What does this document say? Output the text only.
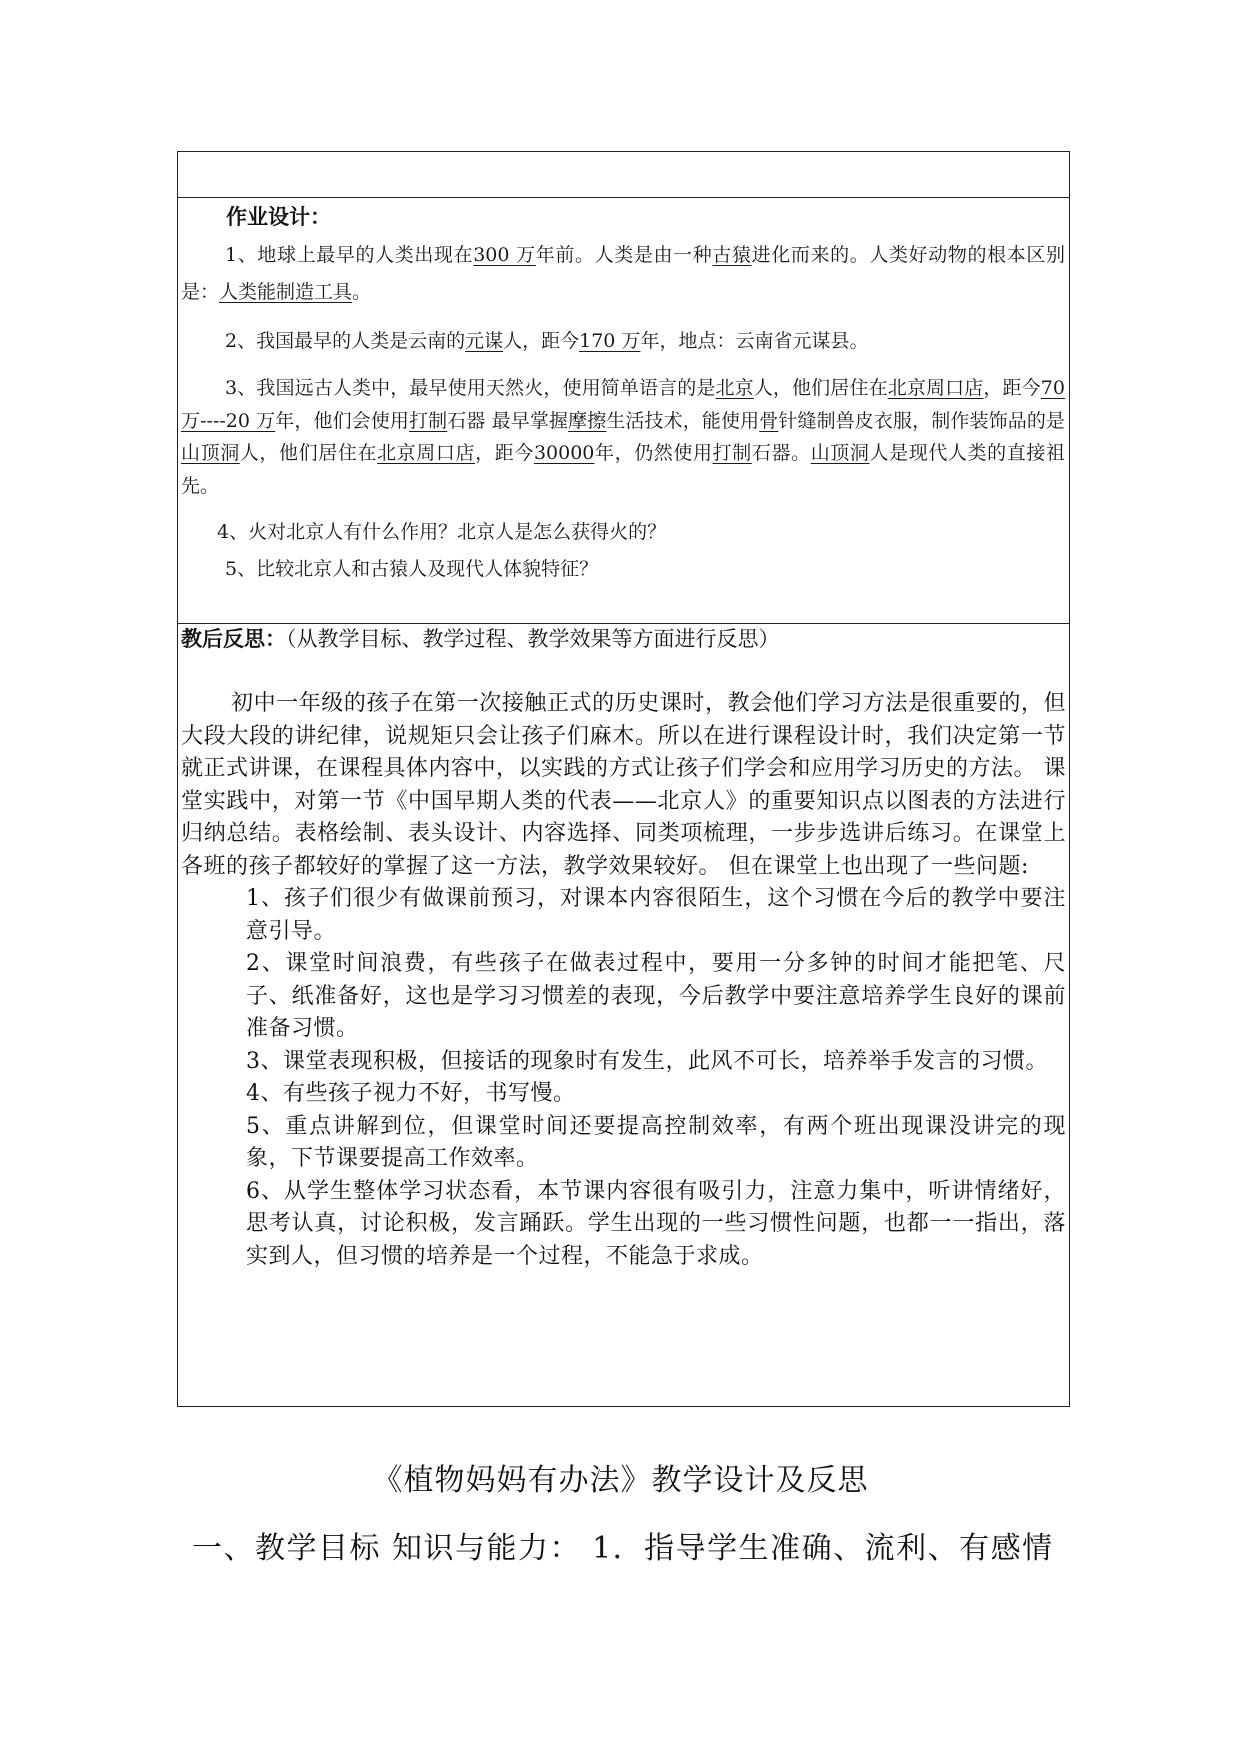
作业设计：

1、地球上最早的人类出现在300 万年前。人类是由一种古猿进化而来的。人类好动物的根本区别是：人类能制造工具。

2、我国最早的人类是云南的元谋人，距今170 万年，地点：云南省元谋县。

3、我国远古人类中，最早使用天然火，使用简单语言的是北京人，他们居住在北京周口店，距今70 万----20 万年，他们会使用打制石器 最早掌握摩擦生活技术，能使用骨针缝制兽皮衣服，制作装饰品的是山顶洞人，他们居住在北京周口店，距今30000年，仍然使用打制石器。山顶洞人是现代人类的直接祖先。

4、火对北京人有什么作用？北京人是怎么获得火的？

5、比较北京人和古猿人及现代人体貌特征？

教后反思：（从教学目标、教学过程、教学效果等方面进行反思）

初中一年级的孩子在第一次接触正式的历史课时，教会他们学习方法是很重要的，但大段大段的讲纪律，说规矩只会让孩子们麻木。所以在进行课程设计时，我们决定第一节就正式讲课，在课程具体内容中，以实践的方式让孩子们学会和应用学习历史的方法。 课堂实践中，对第一节《中国早期人类的代表——北京人》的重要知识点以图表的方法进行归纳总结。表格绘制、表头设计、内容选择、同类项梳理，一步步选讲后练习。在课堂上各班的孩子都较好的掌握了这一方法，教学效果较好。 但在课堂上也出现了一些问题:

1、孩子们很少有做课前预习，对课本内容很陌生，这个习惯在今后的教学中要注意引导。

2、课堂时间浪费，有些孩子在做表过程中，要用一分多钟的时间才能把笔、尺子、纸准备好，这也是学习习惯差的表现，今后教学中要注意培养学生良好的课前准备习惯。

3、课堂表现积极，但接话的现象时有发生，此风不可长，培养举手发言的习惯。

4、有些孩子视力不好，书写慢。

5、重点讲解到位，但课堂时间还要提高控制效率，有两个班出现课没讲完的现象，下节课要提高工作效率。

6、从学生整体学习状态看，本节课内容很有吸引力，注意力集中，听讲情绪好，思考认真，讨论积极，发言踊跃。学生出现的一些习惯性问题，也都一一指出，落实到人，但习惯的培养是一个过程，不能急于求成。

《植物妈妈有办法》教学设计及反思
一、教学目标 知识与能力： 1．指导学生准确、流利、有感情
